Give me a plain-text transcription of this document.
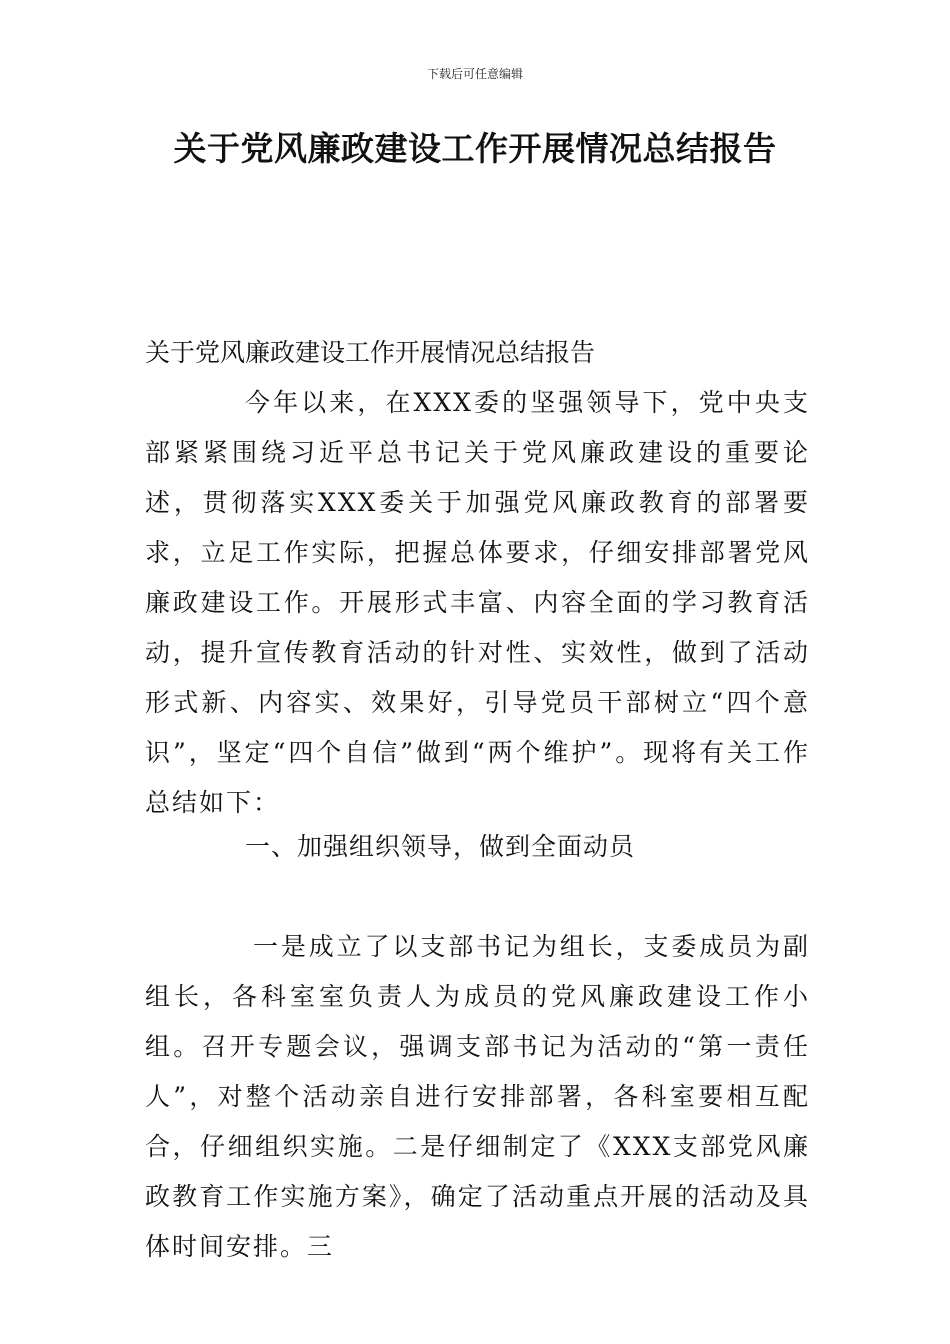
下载后可任意编辑
关于党风廉政建设工作开展情况总结报告

关于党风廉政建设工作开展情况总结报告

今年以来，在XXX委的坚强领导下，党中央支部紧紧围绕习近平总书记关于党风廉政建设的重要论述，贯彻落实XXX委关于加强党风廉政教育的部署要求，立足工作实际，把握总体要求，仔细安排部署党风廉政建设工作。开展形式丰富、内容全面的学习教育活动，提升宣传教育活动的针对性、实效性，做到了活动形式新、内容实、效果好，引导党员干部树立“四个意识”，坚定“四个自信”做到“两个维护”。现将有关工作总结如下：

一、加强组织领导，做到全面动员

一是成立了以支部书记为组长，支委成员为副组长，各科室室负责人为成员的党风廉政建设工作小组。召开专题会议，强调支部书记为活动的“第一责任人”，对整个活动亲自进行安排部署，各科室要相互配合，仔细组织实施。二是仔细制定了《XXX支部党风廉政教育工作实施方案》，确定了活动重点开展的活动及具体时间安排。三
